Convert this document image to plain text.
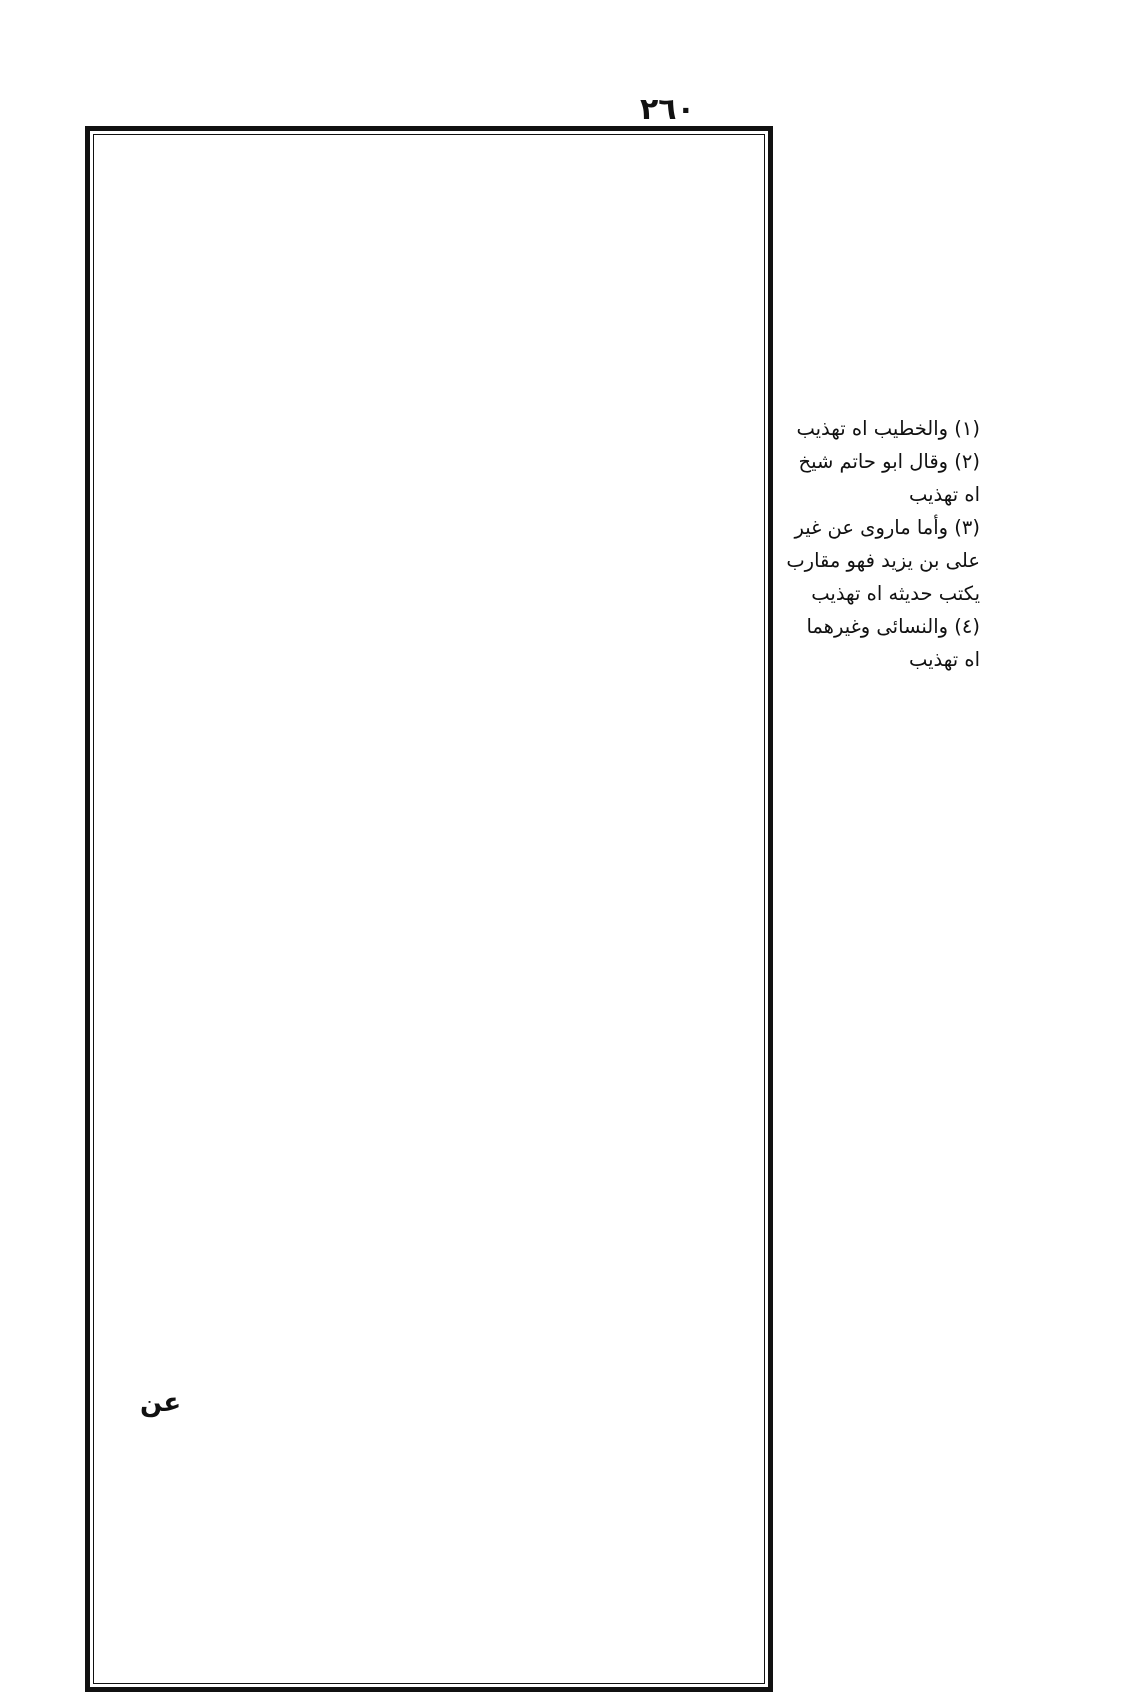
٢٦٠
عن
(١) والخطيب اه تهذيب
(٢) وقال ابو حاتم شيخ
اه تهذيب
(٣) وأما ماروى عن غير
على بن يزيد فهو مقارب
يكتب حديثه اه تهذيب
(٤) والنسائى وغيرهما
اه تهذيب
